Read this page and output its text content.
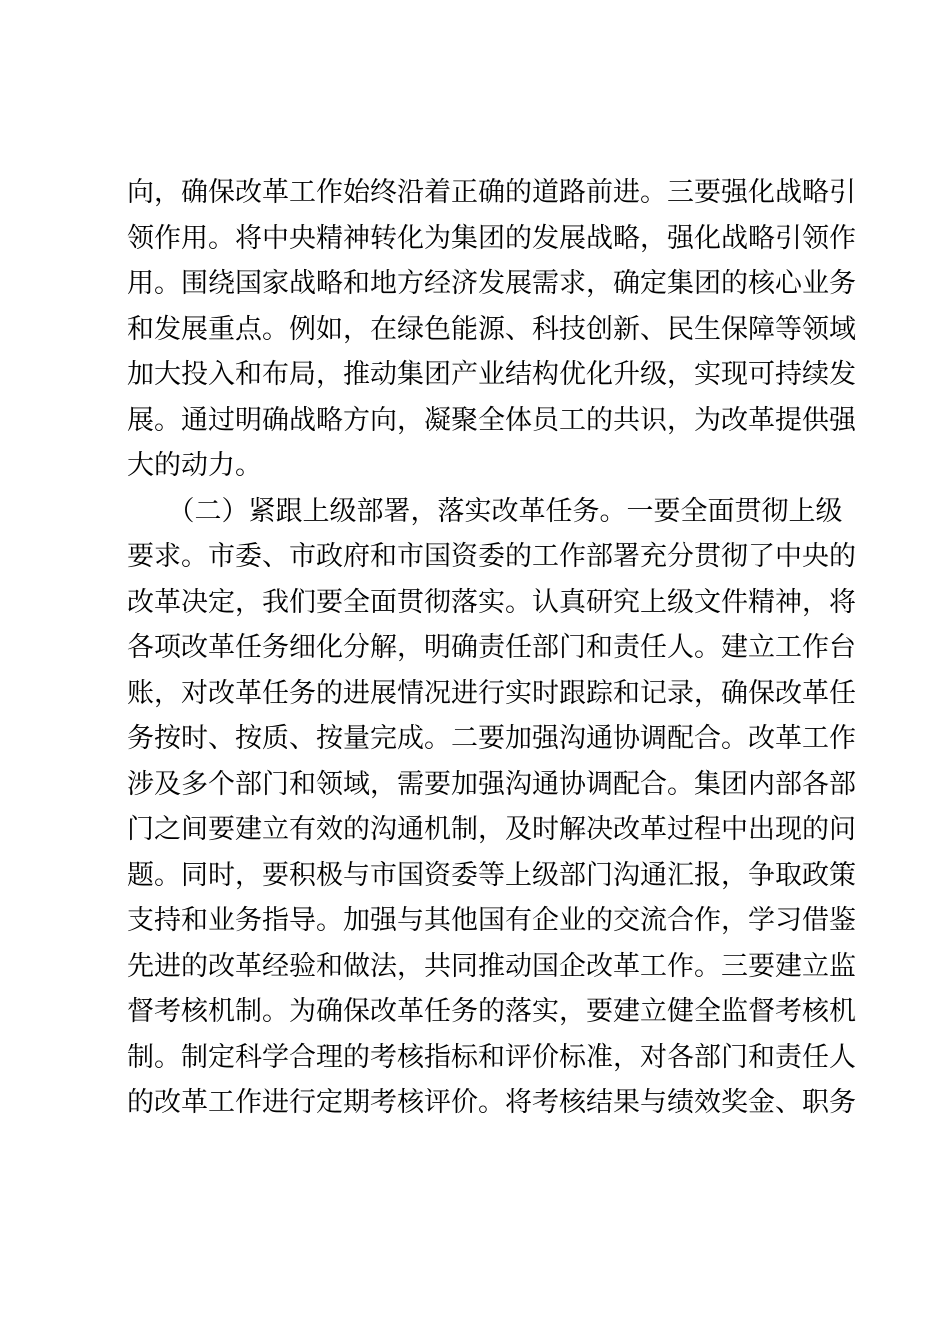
向，确保改革工作始终沿着正确的道路前进。三要强化战略引
领作用。将中央精神转化为集团的发展战略，强化战略引领作
用。围绕国家战略和地方经济发展需求，确定集团的核心业务
和发展重点。例如，在绿色能源、科技创新、民生保障等领域
加大投入和布局，推动集团产业结构优化升级，实现可持续发
展。通过明确战略方向，凝聚全体员工的共识，为改革提供强
大的动力。
　　（二）紧跟上级部署，落实改革任务。一要全面贯彻上级
要求。市委、市政府和市国资委的工作部署充分贯彻了中央的
改革决定，我们要全面贯彻落实。认真研究上级文件精神，将
各项改革任务细化分解，明确责任部门和责任人。建立工作台
账，对改革任务的进展情况进行实时跟踪和记录，确保改革任
务按时、按质、按量完成。二要加强沟通协调配合。改革工作
涉及多个部门和领域，需要加强沟通协调配合。集团内部各部
门之间要建立有效的沟通机制，及时解决改革过程中出现的问
题。同时，要积极与市国资委等上级部门沟通汇报，争取政策
支持和业务指导。加强与其他国有企业的交流合作，学习借鉴
先进的改革经验和做法，共同推动国企改革工作。三要建立监
督考核机制。为确保改革任务的落实，要建立健全监督考核机
制。制定科学合理的考核指标和评价标准，对各部门和责任人
的改革工作进行定期考核评价。将考核结果与绩效奖金、职务
